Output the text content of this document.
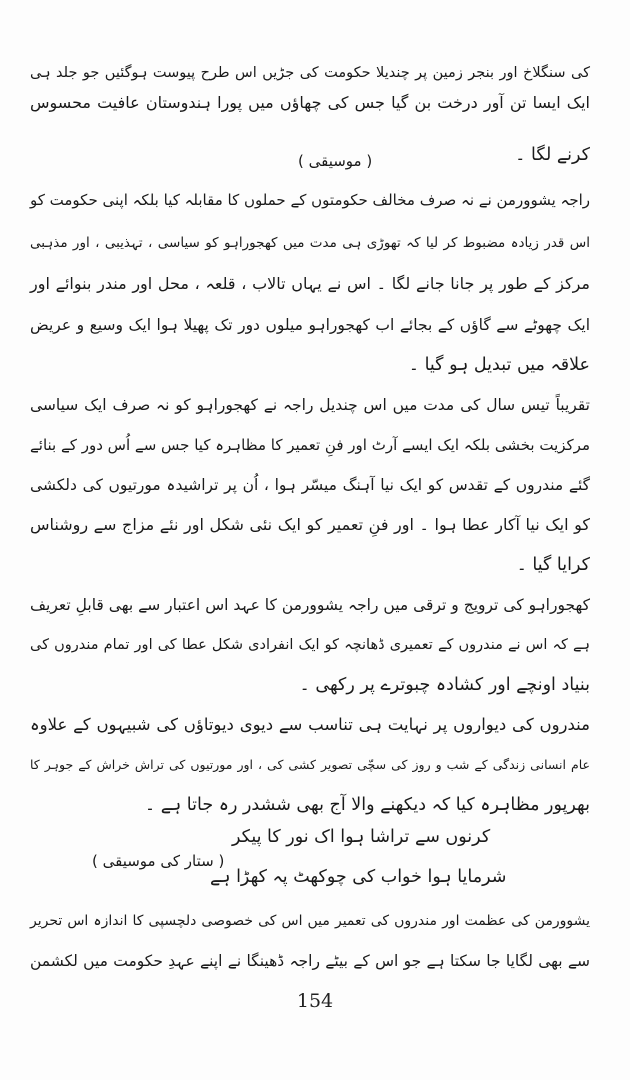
کی سنگلاخ اور بنجر زمین پر چندیلا حکومت کی جڑیں اس طرح پیوست ہوگئیں جو جلد ہی
ایک ایسا تن آور درخت بن گیا جس کی چھاؤں میں پورا ہندوستان عافیت محسوس
کرنے لگا ۔
راجہ یشوورمن نے نہ صرف مخالف حکومتوں کے حملوں کا مقابلہ کیا بلکہ اپنی حکومت کو
اس قدر زیادہ مضبوط کر لیا کہ تھوڑی ہی مدت میں کھجوراہو کو سیاسی ، تہذیبی ، اور مذہبی
مرکز کے طور پر جانا جانے لگا ۔ اس نے یہاں تالاب ، قلعہ ، محل اور مندر بنوائے اور
ایک چھوٹے سے گاؤں کے بجائے اب کھجوراہو میلوں دور تک پھیلا ہوا ایک وسیع و عریض
علاقہ میں تبدیل ہو گیا ۔
تقریباً تیس سال کی مدت میں اس چندیل راجہ نے کھجوراہو کو نہ صرف ایک سیاسی
مرکزیت بخشی بلکہ ایک ایسے آرٹ اور فنِ تعمیر کا مظاہرہ کیا جس سے اُس دور کے بنائے
گئے مندروں کے تقدس کو ایک نیا آہنگ میسّر ہوا ، اُن پر تراشیدہ مورتیوں کی دلکشی
کو ایک نیا آکار عطا ہوا ۔ اور فنِ تعمیر کو ایک نئی شکل اور نئے مزاج سے روشناس
کرایا گیا ۔
کھجوراہو کی ترویج و ترقی میں راجہ یشوورمن کا عہد اس اعتبار سے بھی قابلِ تعریف
ہے کہ اس نے مندروں کے تعمیری ڈھانچہ کو ایک انفرادی شکل عطا کی اور تمام مندروں کی
بنیاد اونچے اور کشادہ چبوترے پر رکھی ۔
مندروں کی دیواروں پر نہایت ہی تناسب سے دیوی دیوتاؤں کی شبیہوں کے علاوہ
عام انسانی زندگی کے شب و روز کی سچّی تصویر کشی کی ، اور مورتیوں کی تراش خراش کے جوہر کا
بھرپور مظاہرہ کیا کہ دیکھنے والا آج بھی ششدر رہ جاتا ہے ۔
یشوورمن کی عظمت اور مندروں کی تعمیر میں اس کی خصوصی دلچسپی کا اندازہ اس تحریر
سے بھی لگایا جا سکتا ہے جو اس کے بیٹے راجہ ڈھینگا نے اپنے عہدِ حکومت میں لکشمن
( موسیقی )
کرنوں سے تراشا ہوا اک نور کا پیکر
شرمایا ہوا خواب کی چوکھٹ پہ کھڑا ہے
( ستار کی موسیقی )
154
